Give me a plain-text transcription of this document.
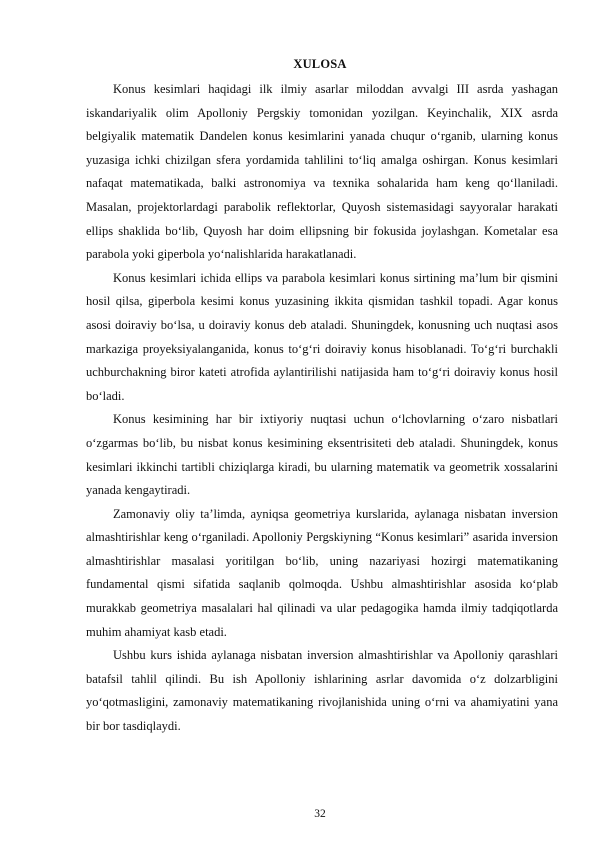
XULOSA

Konus kesimlari haqidagi ilk ilmiy asarlar miloddan avvalgi III asrda yashagan iskandariyalik olim Apolloniy Pergskiy tomonidan yozilgan. Keyinchalik, XIX asrda belgiyalik matematik Dandelen konus kesimlarini yanada chuqur o‘rganib, ularning konus yuzasiga ichki chizilgan sfera yordamida tahlilini to‘liq amalga oshirgan. Konus kesimlari nafaqat matematikada, balki astronomiya va texnika sohalarida ham keng qo‘llaniladi. Masalan, projektorlardagi parabolik reflektorlar, Quyosh sistemasidagi sayyoralar harakati ellips shaklida bo‘lib, Quyosh har doim ellipsning bir fokusida joylashgan. Kometalar esa parabola yoki giperbola yo‘nalishlarida harakatlanadi.

Konus kesimlari ichida ellips va parabola kesimlari konus sirtining ma’lum bir qismini hosil qilsa, giperbola kesimi konus yuzasining ikkita qismidan tashkil topadi. Agar konus asosi doiraviy bo‘lsa, u doiraviy konus deb ataladi. Shuningdek, konusning uch nuqtasi asos markaziga proyeksiyalanganida, konus to‘g‘ri doiraviy konus hisoblanadi. To‘g‘ri burchakli uchburchakning biror kateti atrofida aylantirilishi natijasida ham to‘g‘ri doiraviy konus hosil bo‘ladi.

Konus kesimining har bir ixtiyoriy nuqtasi uchun o‘lchovlarning o‘zaro nisbatlari o‘zgarmas bo‘lib, bu nisbat konus kesimining eksentrisiteti deb ataladi. Shuningdek, konus kesimlari ikkinchi tartibli chiziqlarga kiradi, bu ularning matematik va geometrik xossalarini yanada kengaytiradi.

Zamonaviy oliy ta’limda, ayniqsa geometriya kurslarida, aylanaga nisbatan inversion almashtirishlar keng o‘rganiladi. Apolloniy Pergskiyning “Konus kesimlari” asarida inversion almashtirishlar masalasi yoritilgan bo‘lib, uning nazariyasi hozirgi matematikaning fundamental qismi sifatida saqlanib qolmoqda. Ushbu almashtirishlar asosida ko‘plab murakkab geometriya masalalari hal qilinadi va ular pedagogika hamda ilmiy tadqiqotlarda muhim ahamiyat kasb etadi.

Ushbu kurs ishida aylanaga nisbatan inversion almashtirishlar va Apolloniy qarashlari batafsil tahlil qilindi. Bu ish Apolloniy ishlarining asrlar davomida o‘z dolzarbligini yo‘qotmasligini, zamonaviy matematikaning rivojlanishida uning o‘rni va ahamiyatini yana bir bor tasdiqlaydi.

32
